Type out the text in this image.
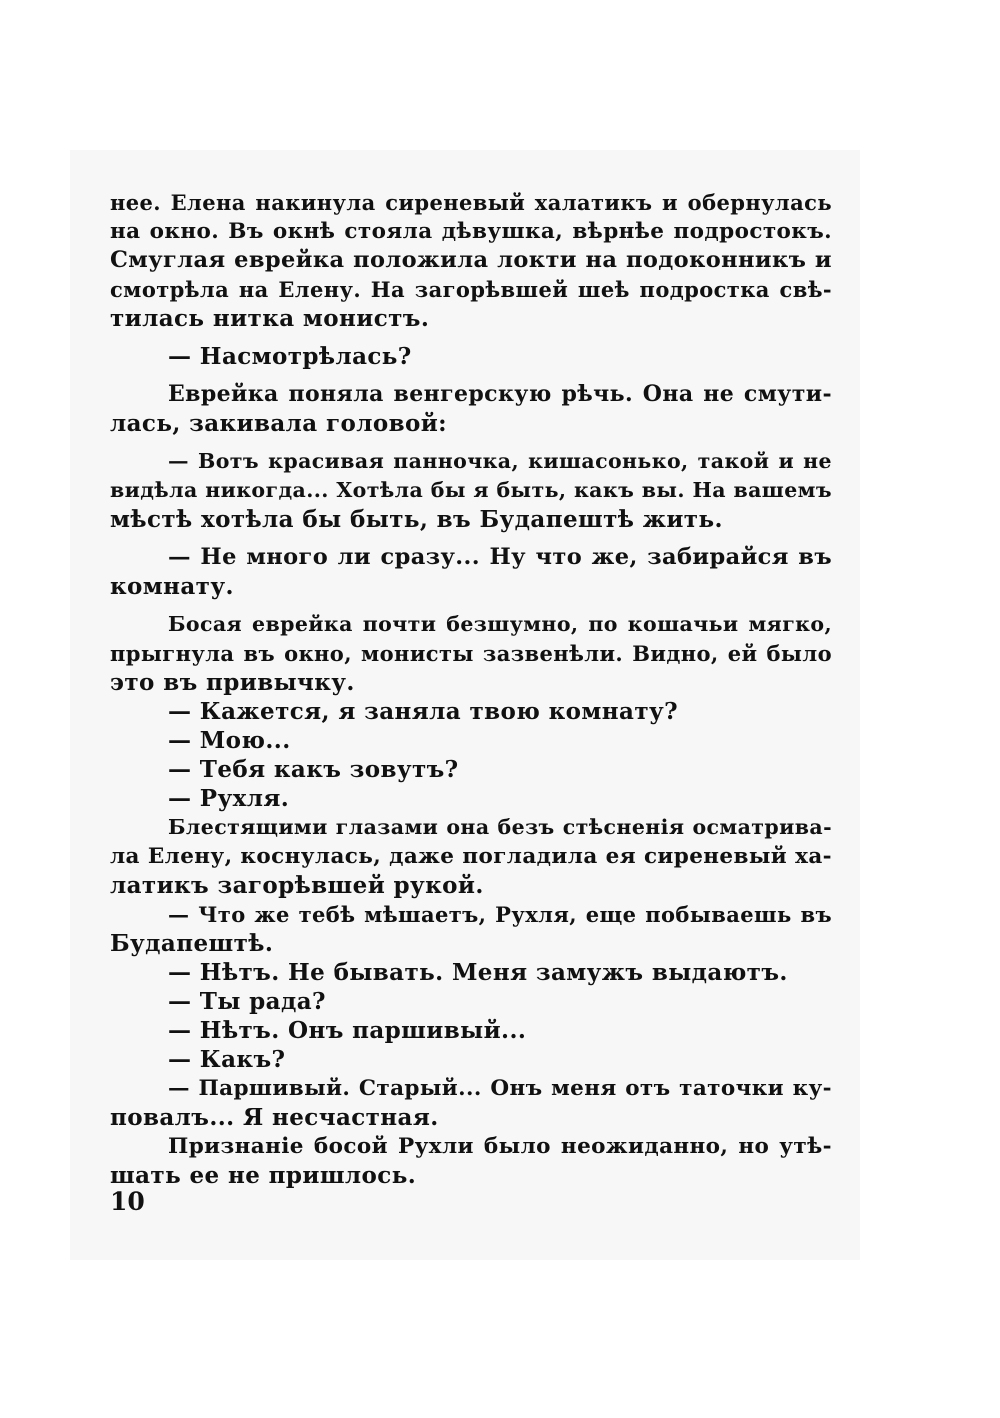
нее. Елена накинула сиреневый халатикъ и обернулась
на окно. Въ окнѣ стояла дѣвушка, вѣрнѣе подростокъ.
Смуглая еврейка положила локти на подоконникъ и
смотрѣла на Елену. На загорѣвшей шеѣ подростка свѣ-
тилась нитка монистъ.
— Насмотрѣлась?
Еврейка поняла венгерскую рѣчь. Она не смути-
лась, закивала головой:
— Вотъ красивая панночка, кишасонько, такой и не
видѣла никогда... Хотѣла бы я быть, какъ вы. На вашемъ
мѣстѣ хотѣла бы быть, въ Будапештѣ жить.
— Не много ли сразу... Ну что же, забирайся въ
комнату.
Босая еврейка почти безшумно, по кошачьи мягко,
прыгнула въ окно, монисты зазвенѣли. Видно, ей было
это въ привычку.
— Кажется, я заняла твою комнату?
— Мою...
— Тебя какъ зовутъ?
— Рухля.
Блестящими глазами она безъ стѣсненія осматрива-
ла Елену, коснулась, даже погладила ея сиреневый ха-
латикъ загорѣвшей рукой.
— Что же тебѣ мѣшаетъ, Рухля, еще побываешь въ
Будапештѣ.
— Нѣтъ. Не бывать. Меня замужъ выдаютъ.
— Ты рада?
— Нѣтъ. Онъ паршивый...
— Какъ?
— Паршивый. Старый... Онъ меня отъ таточки ку-
повалъ... Я несчастная.
Признаніе босой Рухли было неожиданно, но утѣ-
шать ее не пришлось.
10
